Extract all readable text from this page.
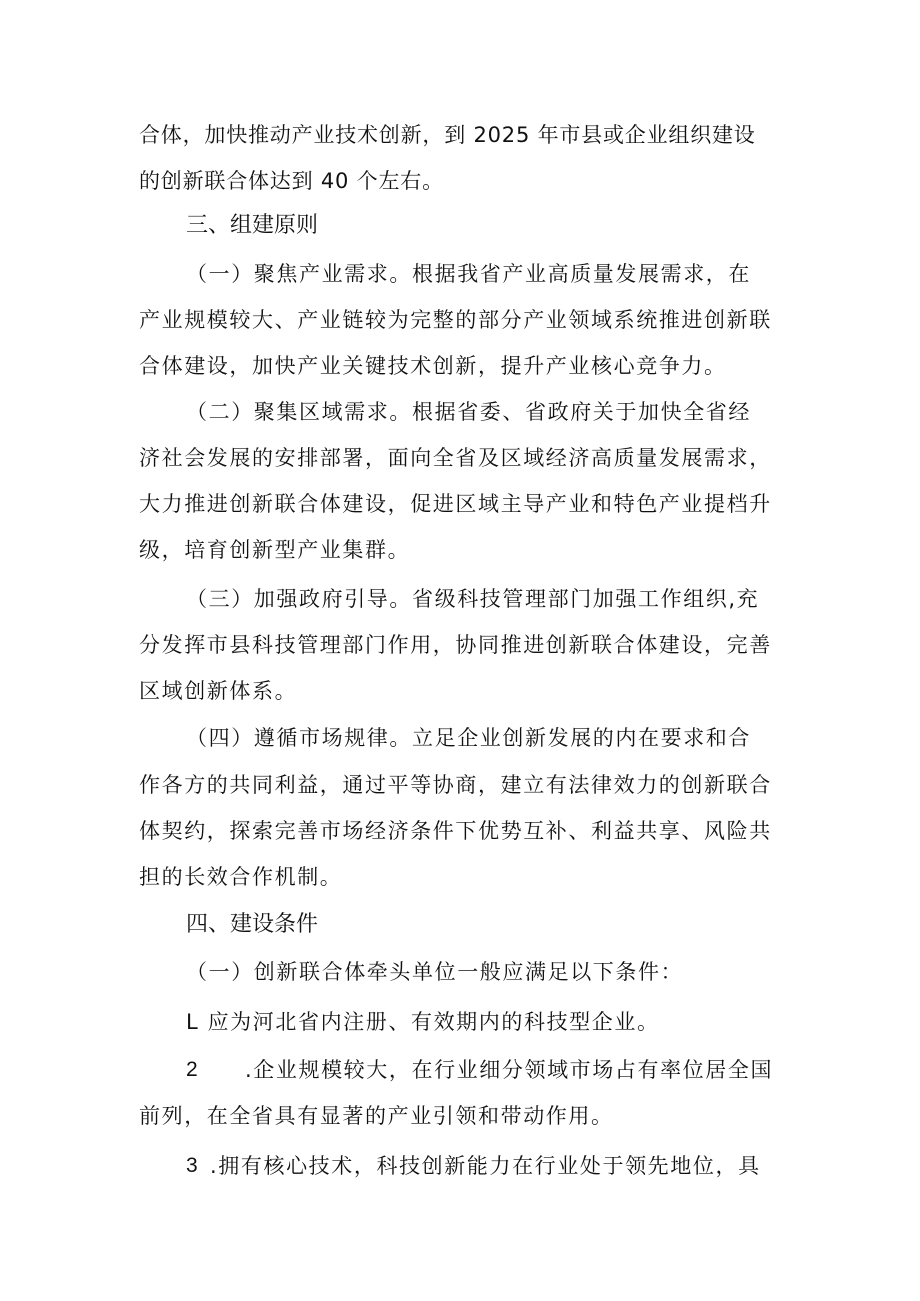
合体，加快推动产业技术创新，到 2025 年市县或企业组织建设
的创新联合体达到 40 个左右。
三、组建原则
（一）聚焦产业需求。根据我省产业高质量发展需求，在
产业规模较大、产业链较为完整的部分产业领域系统推进创新联
合体建设，加快产业关键技术创新，提升产业核心竞争力。
（二）聚集区域需求。根据省委、省政府关于加快全省经
济社会发展的安排部署，面向全省及区域经济高质量发展需求，
大力推进创新联合体建设，促进区域主导产业和特色产业提档升
级，培育创新型产业集群。
（三）加强政府引导。省级科技管理部门加强工作组织,充
分发挥市县科技管理部门作用，协同推进创新联合体建设，完善
区域创新体系。
（四）遵循市场规律。立足企业创新发展的内在要求和合
作各方的共同利益，通过平等协商，建立有法律效力的创新联合
体契约，探索完善市场经济条件下优势互补、利益共享、风险共
担的长效合作机制。
四、建设条件
（一）创新联合体牵头单位一般应满足以下条件：
L 应为河北省内注册、有效期内的科技型企业。
2 .企业规模较大，在行业细分领域市场占有率位居全国
前列，在全省具有显著的产业引领和带动作用。
3 .拥有核心技术，科技创新能力在行业处于领先地位，具
